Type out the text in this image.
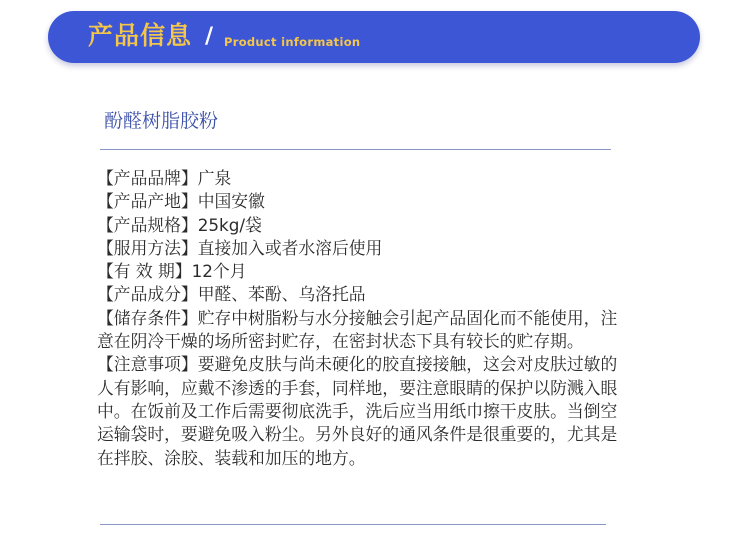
产品信息 / Product information
酚醛树脂胶粉

【产品品牌】广泉

【产品产地】中国安徽

【产品规格】25kg/袋

【服用方法】直接加入或者水溶后使用

【有 效 期】12个月

【产品成分】甲醛、苯酚、乌洛托品

【储存条件】贮存中树脂粉与水分接触会引起产品固化而不能使用，注意在阴冷干燥的场所密封贮存，在密封状态下具有较长的贮存期。

【注意事项】要避免皮肤与尚未硬化的胶直接接触，这会对皮肤过敏的人有影响，应戴不渗透的手套，同样地，要注意眼睛的保护以防溅入眼中。在饭前及工作后需要彻底洗手，洗后应当用纸巾擦干皮肤。当倒空运输袋时，要避免吸入粉尘。另外良好的通风条件是很重要的，尤其是在拌胶、涂胶、装载和加压的地方。
